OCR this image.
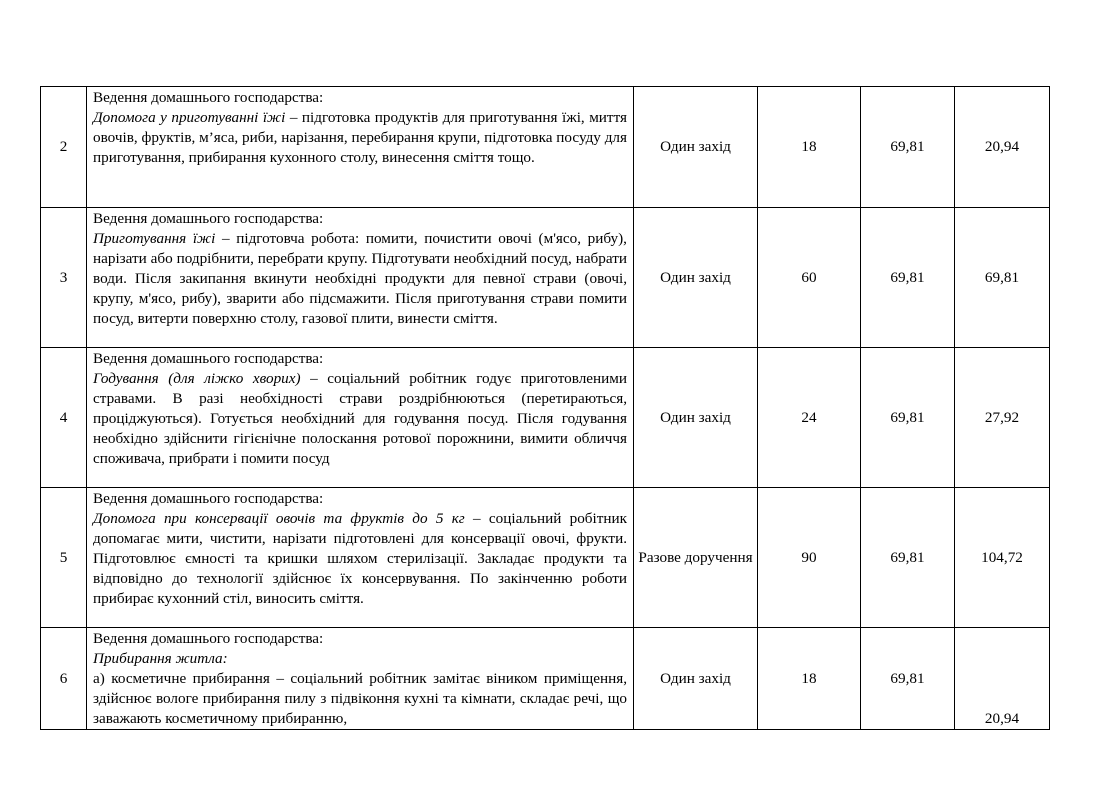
2	Ведення домашнього господарства:
Допомога у приготуванні їжі – підготовка продуктів для приготування їжі, миття овочів, фруктів, м’яса, риби, нарізання, перебирання крупи, підготовка посуду для приготування, прибирання кухонного столу, винесення сміття тощо.	Один захід	18	69,81	20,94
3	Ведення домашнього господарства:
Приготування їжі – підготовча робота: помити, почистити овочі (м'ясо, рибу), нарізати або подрібнити, перебрати крупу. Підготувати необхідний посуд, набрати води. Після закипання вкинути необхідні продукти для певної страви (овочі, крупу, м'ясо, рибу), зварити або підсмажити. Після приготування страви помити посуд, витерти поверхню столу, газової плити, винести сміття.	Один захід	60	69,81	69,81
4	Ведення домашнього господарства:
Годування (для ліжко хворих) – соціальний робітник годує приготовленими стравами. В разі необхідності страви роздрібнюються (перетираються, проціджуються). Готується необхідний для годування посуд. Після годування необхідно здійснити гігієнічне полоскання ротової порожнини, вимити обличчя споживача, прибрати і помити посуд	Один захід	24	69,81	27,92
5	Ведення домашнього господарства:
Допомога при консервації овочів та фруктів до 5 кг – соціальний робітник допомагає мити, чистити, нарізати підготовлені для консервації овочі, фрукти. Підготовлює ємності та кришки шляхом стерилізації. Закладає продукти та відповідно до технології здійснює їх консервування. По закінченню роботи прибирає кухонний стіл, виносить сміття.	Разове доручення	90	69,81	104,72
6	Ведення домашнього господарства:
Прибирання житла:
а) косметичне прибирання – соціальний робітник замітає віником приміщення, здійснює вологе прибирання пилу з підвіконня кухні та кімнати, складає речі, що заважають косметичному прибиранню,	Один захід	18	69,81	20,94
